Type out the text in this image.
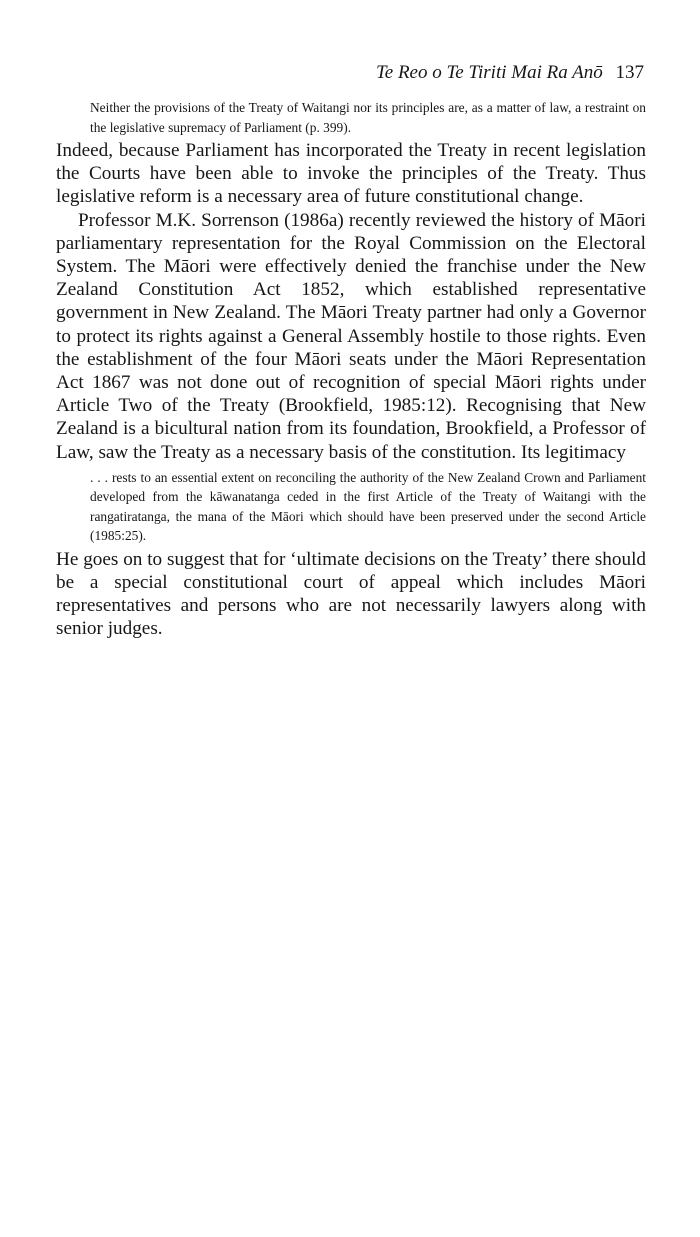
Te Reo o Te Tiriti Mai Ra Anō 137

Neither the provisions of the Treaty of Waitangi nor its principles are, as a matter of law, a restraint on the legislative supremacy of Parliament (p. 399).

Indeed, because Parliament has incorporated the Treaty in recent legislation the Courts have been able to invoke the principles of the Treaty. Thus legislative reform is a necessary area of future constitutional change.

Professor M.K. Sorrenson (1986a) recently reviewed the history of Māori parliamentary representation for the Royal Commission on the Electoral System. The Māori were effectively denied the franchise under the New Zealand Constitution Act 1852, which established representative government in New Zealand. The Māori Treaty partner had only a Governor to protect its rights against a General Assembly hostile to those rights. Even the establishment of the four Māori seats under the Māori Representation Act 1867 was not done out of recognition of special Māori rights under Article Two of the Treaty (Brookfield, 1985:12). Recognising that New Zealand is a bicultural nation from its foundation, Brookfield, a Professor of Law, saw the Treaty as a necessary basis of the constitution. Its legitimacy

. . . rests to an essential extent on reconciling the authority of the New Zealand Crown and Parliament developed from the kāwanatanga ceded in the first Article of the Treaty of Waitangi with the rangatiratanga, the mana of the Māori which should have been preserved under the second Article (1985:25).

He goes on to suggest that for ‘ultimate decisions on the Treaty’ there should be a special constitutional court of appeal which includes Māori representatives and persons who are not necessarily lawyers along with senior judges.
